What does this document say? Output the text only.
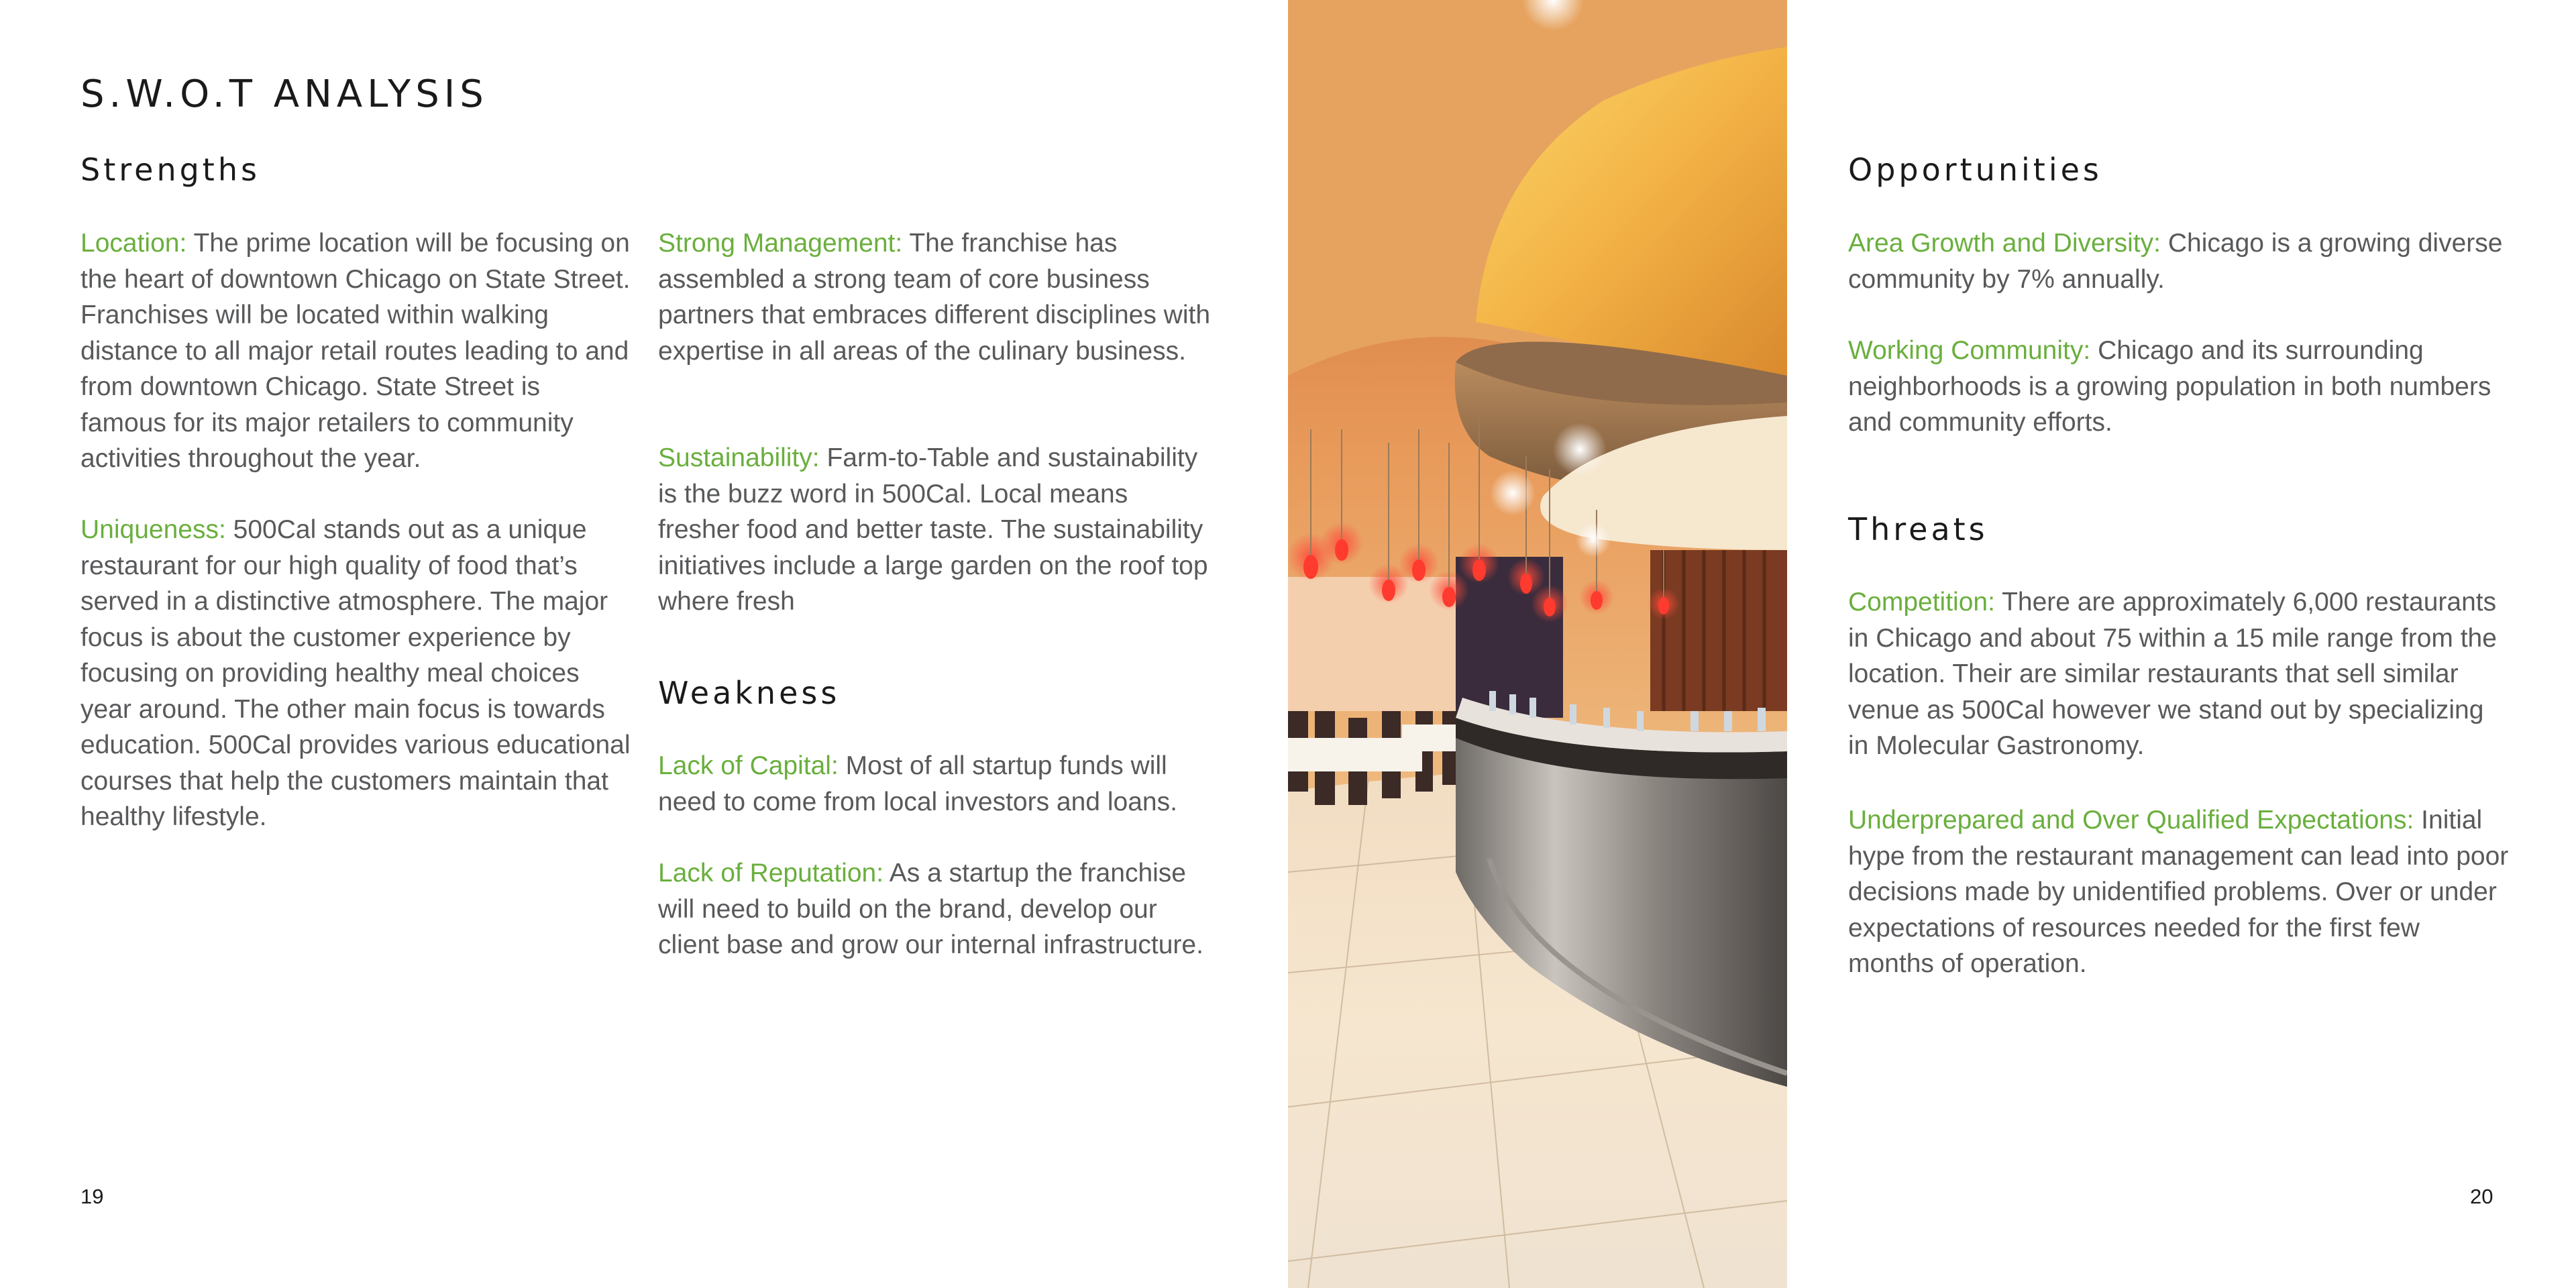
S.W.O.T ANALYSIS
Strengths

Location: The prime location will be focusing on the heart of downtown Chicago on State Street. Franchises will be located within walking distance to all major retail routes leading to and from downtown Chicago. State Street is famous for its major retailers to community activities throughout the year.

Uniqueness: 500Cal stands out as a unique restaurant for our high quality of food that’s served in a distinctive atmosphere. The major focus is about the customer experience by focusing on providing healthy meal choices year around. The other main focus is towards education. 500Cal provides various educational courses that help the customers maintain that healthy lifestyle.

Strong Management: The franchise has assembled a strong team of core business partners that embraces different disciplines with expertise in all areas of the culinary business.

Sustainability: Farm-to-Table and sustainability is the buzz word in 500Cal. Local means fresher food and better taste. The sustainability initiatives include a large garden on the roof top where fresh

Weakness

Lack of Capital: Most of all startup funds will need to come from local investors and loans.

Lack of Reputation: As a startup the franchise will need to build on the brand, develop our client base and grow our internal infrastructure.

19

Opportunities

Area Growth and Diversity: Chicago is a growing diverse community by 7% annually.

Working Community: Chicago and its surrounding neighborhoods is a growing population in both numbers and community efforts.

Threats

Competition: There are approximately 6,000 restaurants in Chicago and about 75 within a 15 mile range from the location. Their are similar restaurants that sell similar venue as 500Cal however we stand out by specializing in Molecular Gastronomy.

Underprepared and Over Qualified Expectations: Initial hype from the restaurant management can lead into poor decisions made by unidentified problems. Over or under expectations of resources needed for the first few months of operation.

20
